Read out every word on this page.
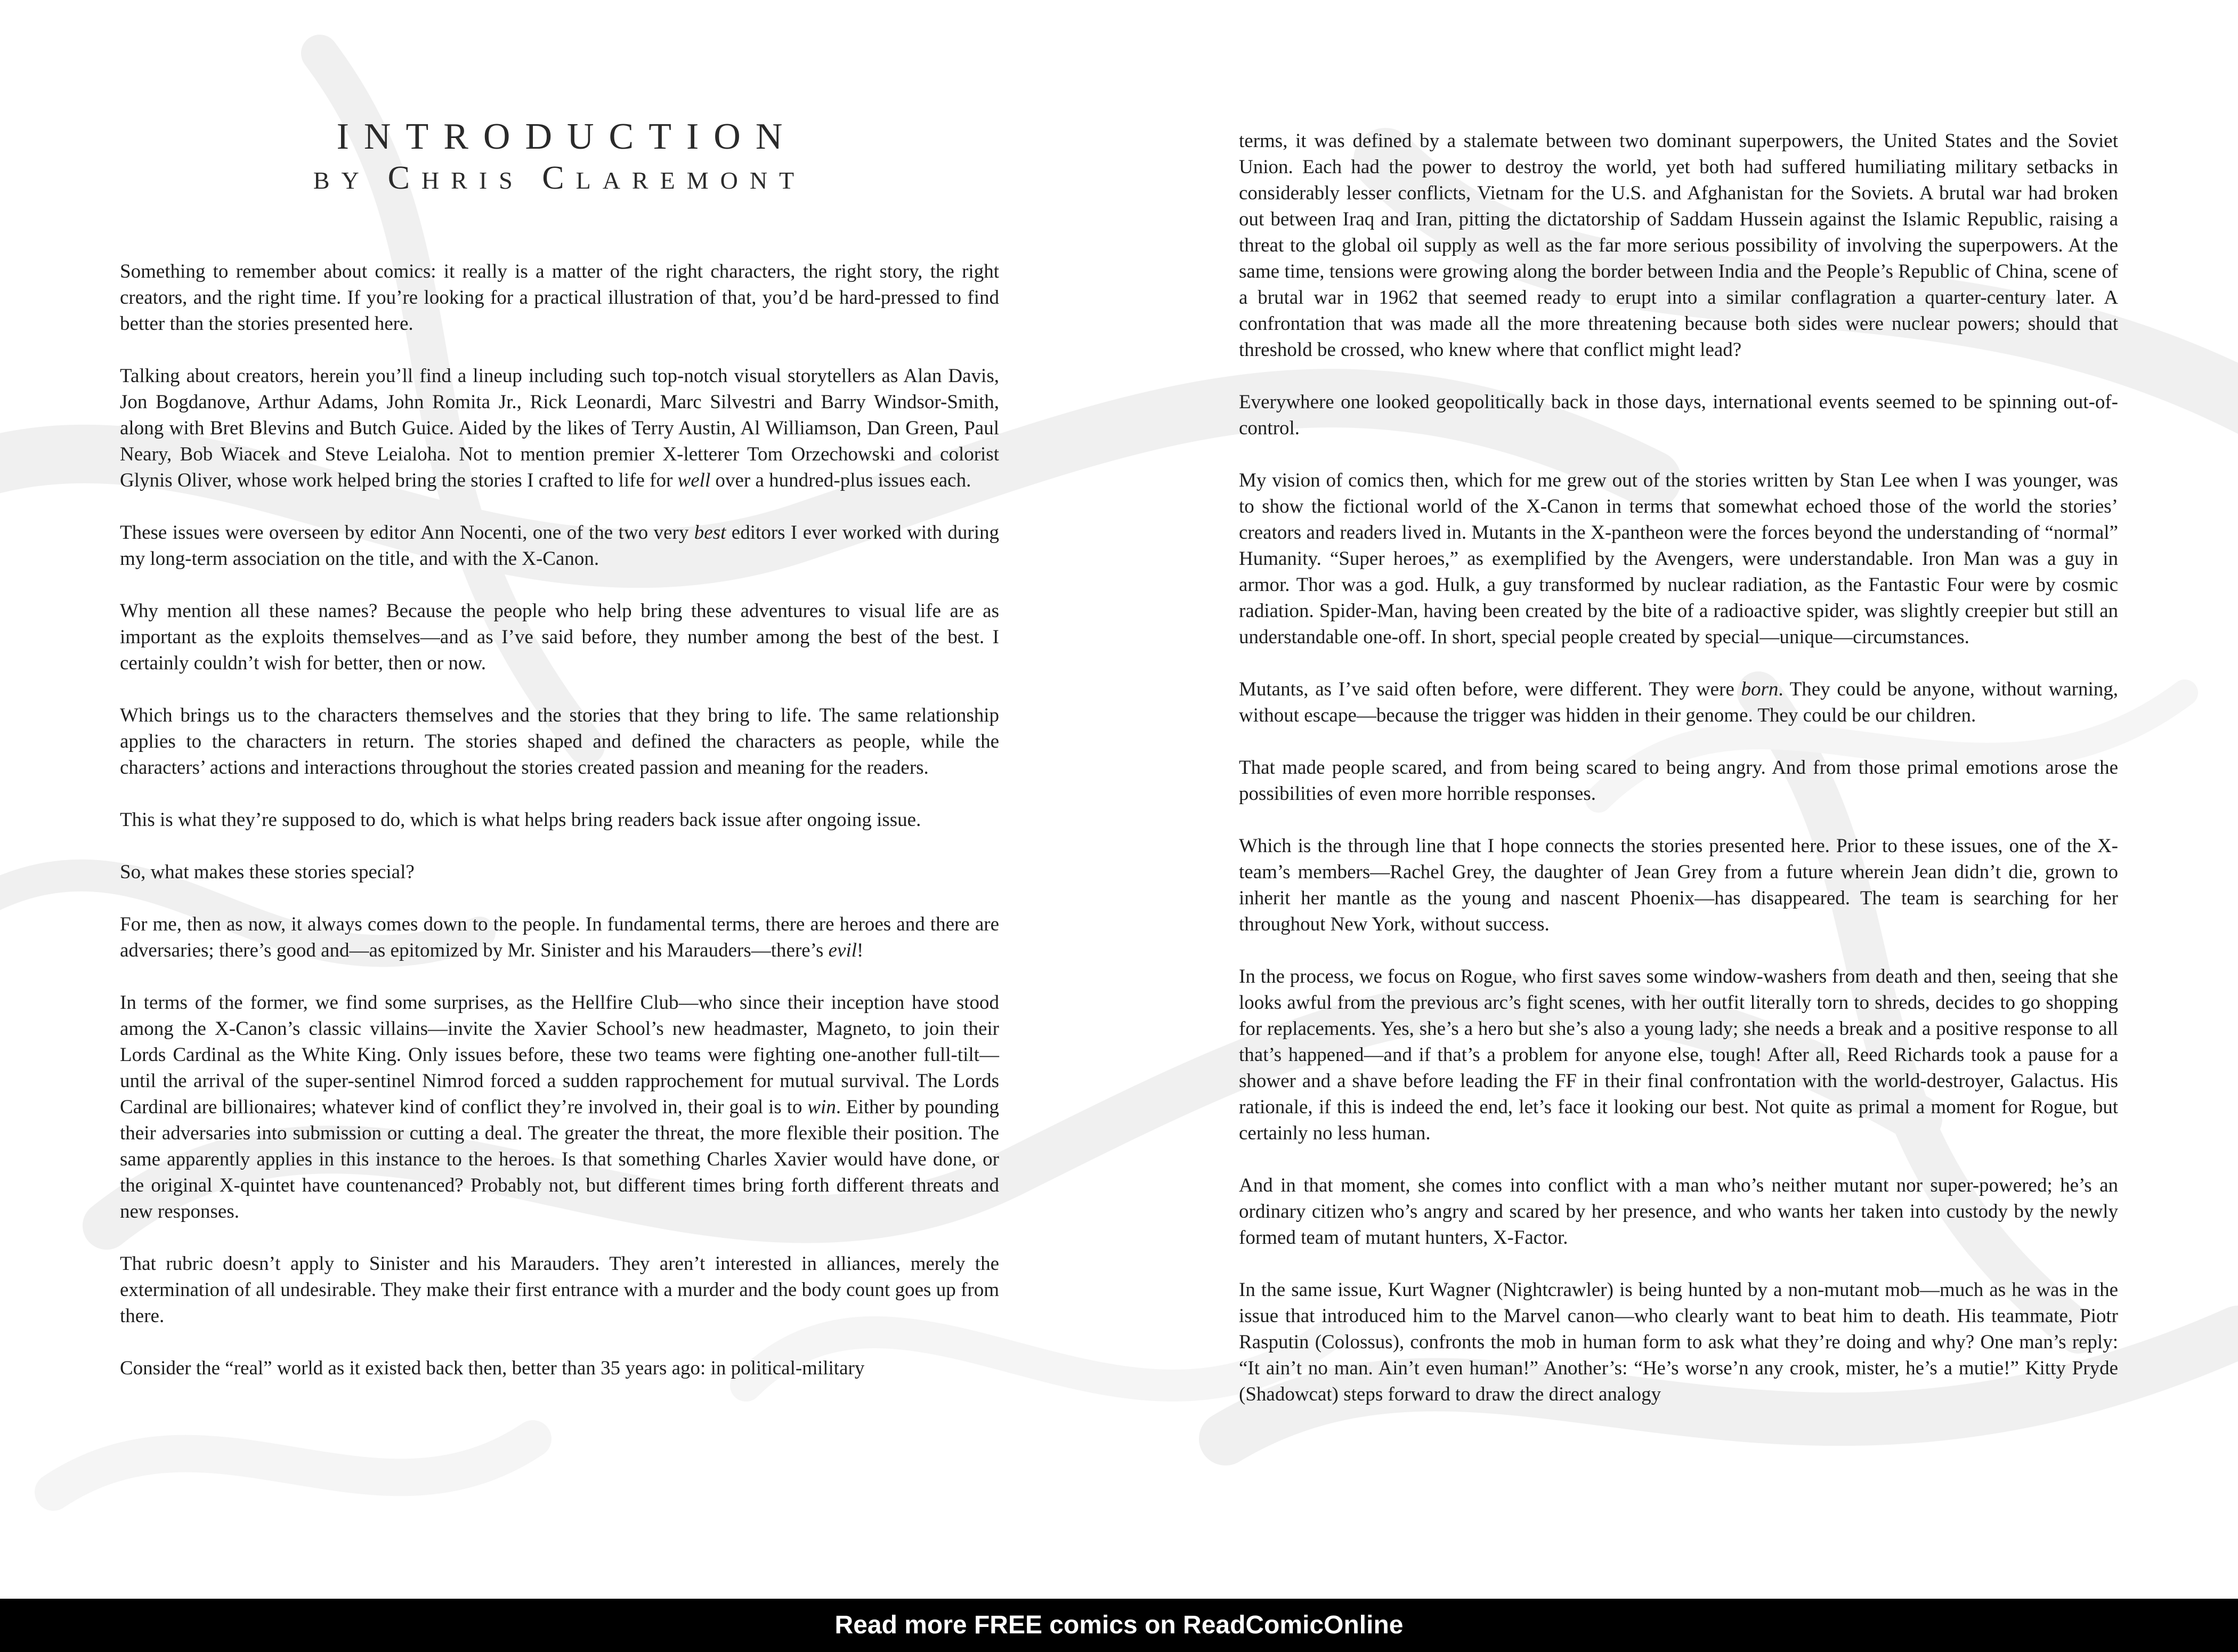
INTRODUCTION
BY CHRIS CLAREMONT

Something to remember about comics: it really is a matter of the right characters, the right story, the right creators, and the right time. If you’re looking for a practical illustration of that, you’d be hard-pressed to find better than the stories presented here.

Talking about creators, herein you’ll find a lineup including such top-notch visual storytellers as Alan Davis, Jon Bogdanove, Arthur Adams, John Romita Jr., Rick Leonardi, Marc Silvestri and Barry Windsor-Smith, along with Bret Blevins and Butch Guice. Aided by the likes of Terry Austin, Al Williamson, Dan Green, Paul Neary, Bob Wiacek and Steve Leialoha. Not to mention premier X-letterer Tom Orzechowski and colorist Glynis Oliver, whose work helped bring the stories I crafted to life for well over a hundred-plus issues each.

These issues were overseen by editor Ann Nocenti, one of the two very best editors I ever worked with during my long-term association on the title, and with the X-Canon.

Why mention all these names? Because the people who help bring these adventures to visual life are as important as the exploits themselves—and as I’ve said before, they number among the best of the best. I certainly couldn’t wish for better, then or now.

Which brings us to the characters themselves and the stories that they bring to life. The same relationship applies to the characters in return. The stories shaped and defined the characters as people, while the characters’ actions and interactions throughout the stories created passion and meaning for the readers.

This is what they’re supposed to do, which is what helps bring readers back issue after ongoing issue.

So, what makes these stories special?

For me, then as now, it always comes down to the people. In fundamental terms, there are heroes and there are adversaries; there’s good and—as epitomized by Mr. Sinister and his Marauders—there’s evil!

In terms of the former, we find some surprises, as the Hellfire Club—who since their inception have stood among the X-Canon’s classic villains—invite the Xavier School’s new headmaster, Magneto, to join their Lords Cardinal as the White King. Only issues before, these two teams were fighting one-another full-tilt—until the arrival of the super-sentinel Nimrod forced a sudden rapprochement for mutual survival. The Lords Cardinal are billionaires; whatever kind of conflict they’re involved in, their goal is to win. Either by pounding their adversaries into submission or cutting a deal. The greater the threat, the more flexible their position. The same apparently applies in this instance to the heroes. Is that something Charles Xavier would have done, or the original X-quintet have countenanced? Probably not, but different times bring forth different threats and new responses.

That rubric doesn’t apply to Sinister and his Marauders. They aren’t interested in alliances, merely the extermination of all undesirable. They make their first entrance with a murder and the body count goes up from there.

Consider the “real” world as it existed back then, better than 35 years ago: in political-military

terms, it was defined by a stalemate between two dominant superpowers, the United States and the Soviet Union. Each had the power to destroy the world, yet both had suffered humiliating military setbacks in considerably lesser conflicts, Vietnam for the U.S. and Afghanistan for the Soviets. A brutal war had broken out between Iraq and Iran, pitting the dictatorship of Saddam Hussein against the Islamic Republic, raising a threat to the global oil supply as well as the far more serious possibility of involving the superpowers. At the same time, tensions were growing along the border between India and the People’s Republic of China, scene of a brutal war in 1962 that seemed ready to erupt into a similar conflagration a quarter-century later. A confrontation that was made all the more threatening because both sides were nuclear powers; should that threshold be crossed, who knew where that conflict might lead?

Everywhere one looked geopolitically back in those days, international events seemed to be spinning out-of-control.

My vision of comics then, which for me grew out of the stories written by Stan Lee when I was younger, was to show the fictional world of the X-Canon in terms that somewhat echoed those of the world the stories’ creators and readers lived in. Mutants in the X-pantheon were the forces beyond the understanding of “normal” Humanity. “Super heroes,” as exemplified by the Avengers, were understandable. Iron Man was a guy in armor. Thor was a god. Hulk, a guy transformed by nuclear radiation, as the Fantastic Four were by cosmic radiation. Spider-Man, having been created by the bite of a radioactive spider, was slightly creepier but still an understandable one-off. In short, special people created by special—unique—circumstances.

Mutants, as I’ve said often before, were different. They were born. They could be anyone, without warning, without escape—because the trigger was hidden in their genome. They could be our children.

That made people scared, and from being scared to being angry. And from those primal emotions arose the possibilities of even more horrible responses.

Which is the through line that I hope connects the stories presented here. Prior to these issues, one of the X-team’s members—Rachel Grey, the daughter of Jean Grey from a future wherein Jean didn’t die, grown to inherit her mantle as the young and nascent Phoenix—has disappeared. The team is searching for her throughout New York, without success.

In the process, we focus on Rogue, who first saves some window-washers from death and then, seeing that she looks awful from the previous arc’s fight scenes, with her outfit literally torn to shreds, decides to go shopping for replacements. Yes, she’s a hero but she’s also a young lady; she needs a break and a positive response to all that’s happened—and if that’s a problem for anyone else, tough! After all, Reed Richards took a pause for a shower and a shave before leading the FF in their final confrontation with the world-destroyer, Galactus. His rationale, if this is indeed the end, let’s face it looking our best. Not quite as primal a moment for Rogue, but certainly no less human.

And in that moment, she comes into conflict with a man who’s neither mutant nor super-powered; he’s an ordinary citizen who’s angry and scared by her presence, and who wants her taken into custody by the newly formed team of mutant hunters, X-Factor.

In the same issue, Kurt Wagner (Nightcrawler) is being hunted by a non-mutant mob—much as he was in the issue that introduced him to the Marvel canon—who clearly want to beat him to death. His teammate, Piotr Rasputin (Colossus), confronts the mob in human form to ask what they’re doing and why? One man’s reply: “It ain’t no man. Ain’t even human!” Another’s: “He’s worse’n any crook, mister, he’s a mutie!” Kitty Pryde (Shadowcat) steps forward to draw the direct analogy

Read more FREE comics on ReadComicOnline
